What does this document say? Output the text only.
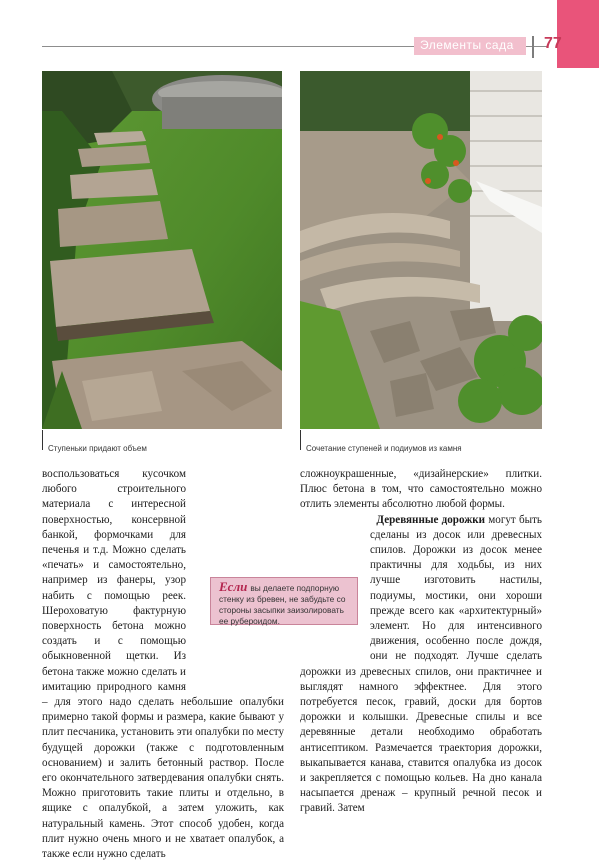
Элементы сада 77
Ступеньки придают объем	Сочетание ступеней и подиумов из камня

воспользоваться кусочком любого строительного материала с интересной поверхностью, консервной банкой, формочками для печенья и т.д. Можно сделать «печать» и самостоятельно, например из фанеры, узор набить с помощью реек. Шероховатую фактурную поверхность бетона можно создать и с помощью обыкновенной щетки. Из бетона также можно сделать и имитацию природного камня – для этого надо сделать небольшие опалубки примерно такой формы и размера, какие бывают у плит песчаника, установить эти опалубки по месту будущей дорожки (также с подготовленным основанием) и залить бетонный раствор. После его окончательного затвердевания опалубки снять. Можно приготовить такие плиты и отдельно, в ящике с опалубкой, а затем уложить, как натуральный камень. Этот способ удобен, когда плит нужно очень много и не хватает опалубок, а также если нужно сделать

сложноукрашенные, «дизайнерские» плитки. Плюс бетона в том, что самостоятельно можно отлить элементы абсолютно любой формы.

Деревянные дорожки могут быть сделаны из досок или древесных спилов. Дорожки из досок менее практичны для ходьбы, из них лучше изготовить настилы, подиумы, мостики, они хороши прежде всего как «архитектурный» элемент. Но для интенсивного движения, особенно после дождя, они не подходят. Лучше сделать дорожки из древесных спилов, они практичнее и выглядят намного эффектнее. Для этого потребуется песок, гравий, доски для бортов дорожки и колышки. Древесные спилы и все деревянные детали необходимо обработать антисептиком. Размечается траектория дорожки, выкапывается канава, ставится опалубка из досок и закрепляется с помощью кольев. На дно канала насыпается дренаж – крупный речной песок и гравий. Затем

Если вы делаете подпорную стенку из бревен, не забудьте со стороны засыпки заизолировать ее рубероидом.
